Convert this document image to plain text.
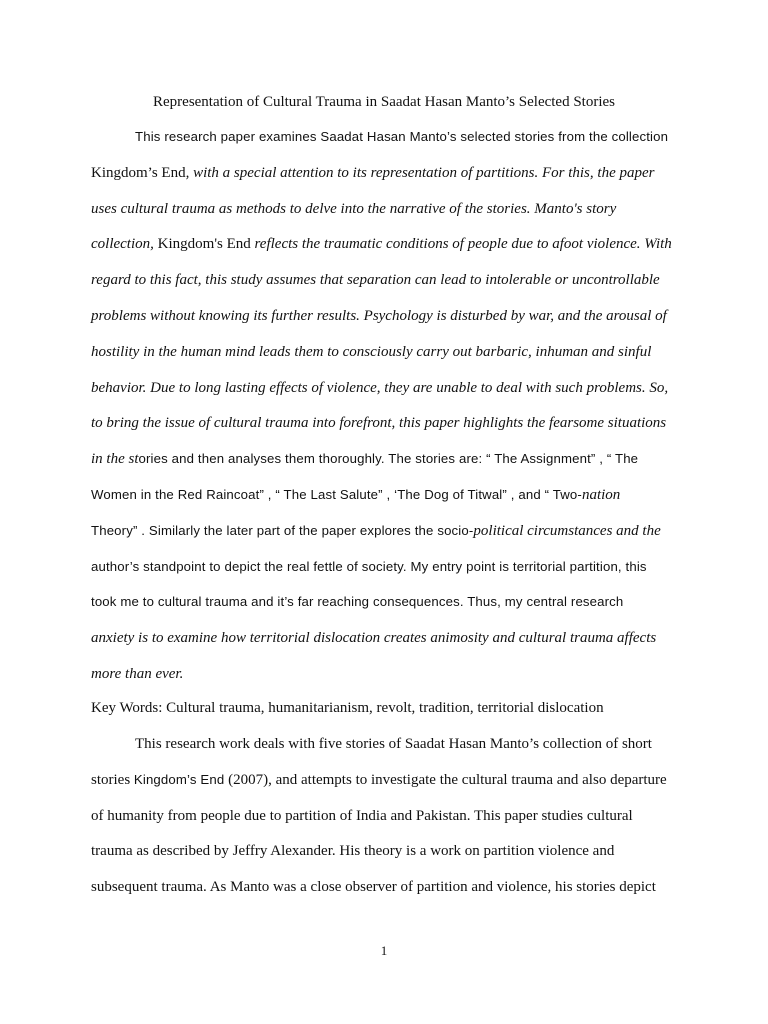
Representation of Cultural Trauma in Saadat Hasan Manto’s Selected Stories
This research paper examines Saadat Hasan Manto’s selected stories from the collection
Kingdom’s End, with a special attention to its representation of partitions. For this, the paper
uses cultural trauma as methods to delve into the narrative of the stories. Manto's story
collection, Kingdom's End reflects the traumatic conditions of people due to afoot violence. With
regard to this fact, this study assumes that separation can lead to intolerable or uncontrollable
problems without knowing its further results. Psychology is disturbed by war, and the arousal of
hostility in the human mind leads them to consciously carry out barbaric, inhuman and sinful
behavior. Due to long lasting effects of violence, they are unable to deal with such problems. So,
to bring the issue of cultural trauma into forefront, this paper highlights the fearsome situations
in the stories and then analyses them thoroughly. The stories are: “ The Assignment” , “ The
Women in the Red Raincoat” , “ The Last Salute” , ‘The Dog of Titwal” , and “ Two-nation
Theory” . Similarly the later part of the paper explores the socio-political circumstances and the
author’s standpoint to depict the real fettle of society. My entry point is territorial partition, this
took me to cultural trauma and it’s far reaching consequences. Thus, my central research
anxiety is to examine how territorial dislocation creates animosity and cultural trauma affects
more than ever.
Key Words: Cultural trauma, humanitarianism, revolt, tradition, territorial dislocation
This research work deals with five stories of Saadat Hasan Manto’s collection of short
stories Kingdom’s End (2007), and attempts to investigate the cultural trauma and also departure
of humanity from people due to partition of India and Pakistan. This paper studies cultural
trauma as described by Jeffry Alexander. His theory is a work on partition violence and
subsequent trauma. As Manto was a close observer of partition and violence, his stories depict
1
